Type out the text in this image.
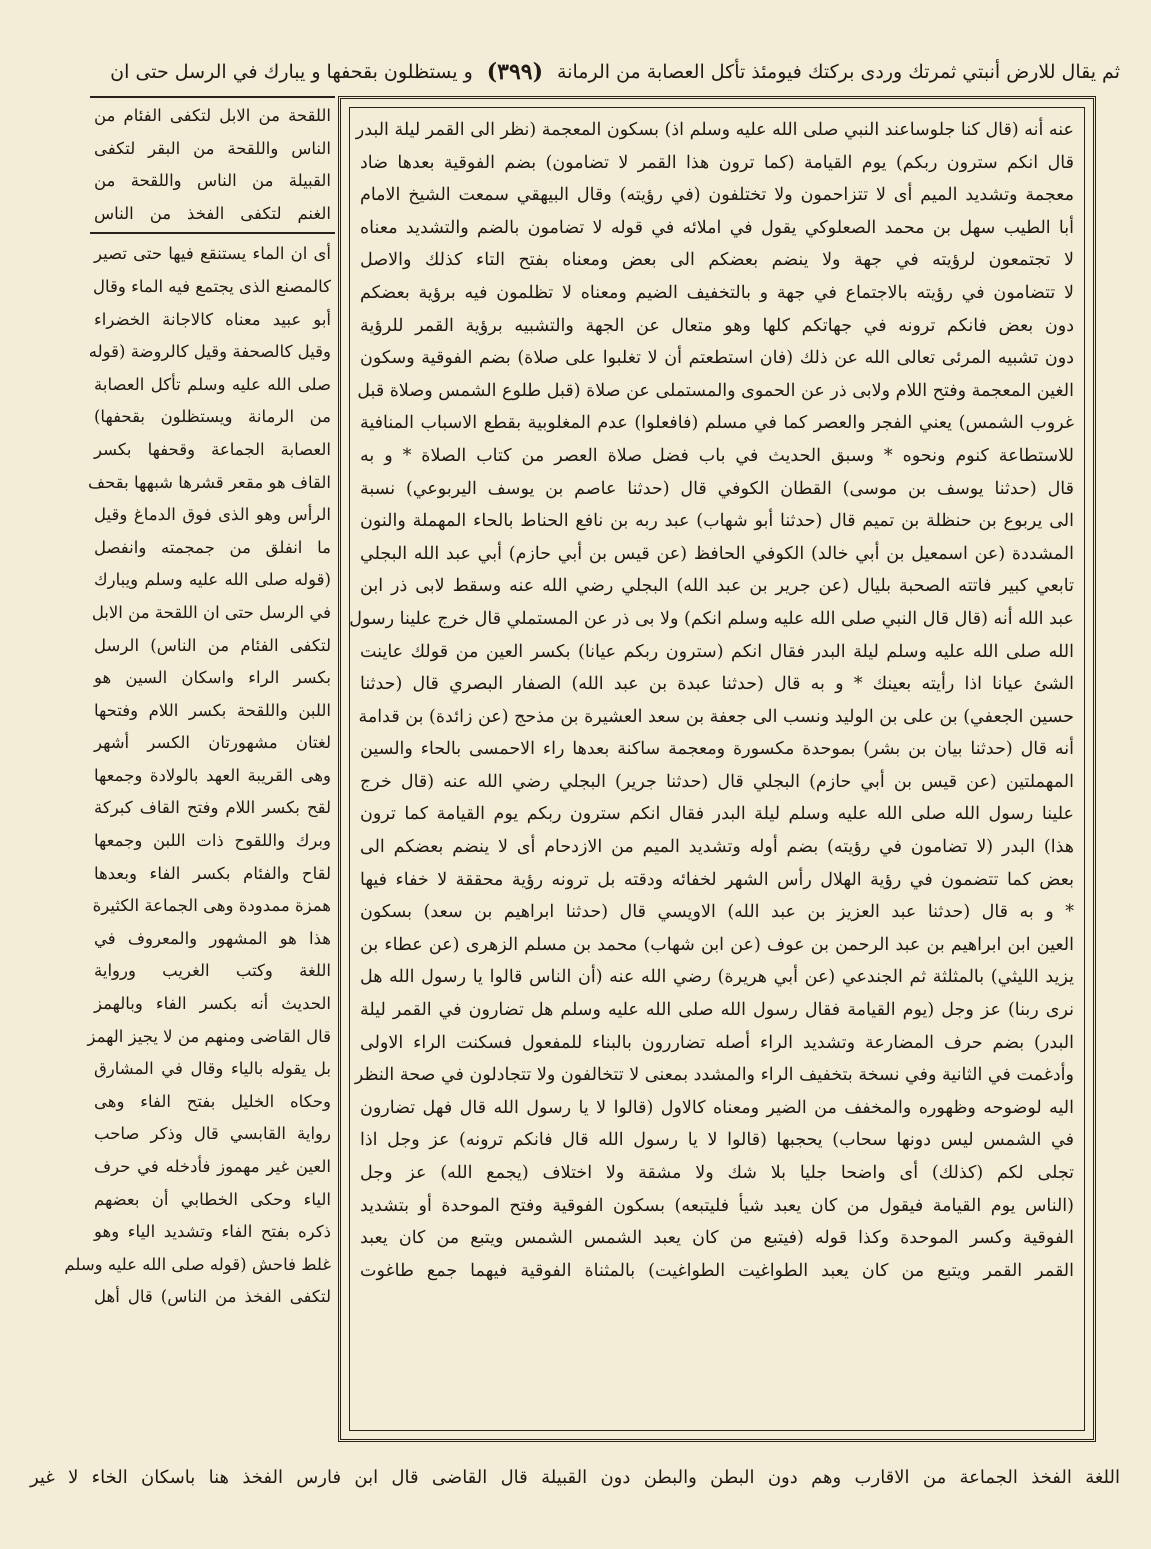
ثم يقال للارض أنبتي ثمرتك وردى بركتك فيومئذ تأكل العصابة من الرمانة
(٣٩٩)
و يستظلون بقحفها و يبارك في الرسل حتى ان
عنه أنه (قال كنا جلوساعند النبي صلى الله عليه وسلم اذ) بسكون المعجمة (نظر الى القمر ليلة البدر
قال انكم سترون ربكم) يوم القيامة (كما ترون هذا القمر لا تضامون) بضم الفوقية بعدها ضاد
معجمة وتشديد الميم أى لا تتزاحمون ولا تختلفون (في رؤيته) وقال البيهقي سمعت الشيخ الامام
أبا الطيب سهل بن محمد الصعلوكي يقول في املائه في قوله لا تضامون بالضم والتشديد معناه
لا تجتمعون لرؤيته في جهة ولا ينضم بعضكم الى بعض ومعناه بفتح التاء كذلك والاصل
لا تتضامون في رؤيته بالاجتماع في جهة و بالتخفيف الضيم ومعناه لا تظلمون فيه برؤية بعضكم
دون بعض فانكم ترونه في جهاتكم كلها وهو متعال عن الجهة والتشبيه برؤية القمر للرؤية
دون تشبيه المرئى تعالى الله عن ذلك (فان استطعتم أن لا تغلبوا على صلاة) بضم الفوقية وسكون
الغين المعجمة وفتح اللام ولابى ذر عن الحموى والمستملى عن صلاة (قبل طلوع الشمس وصلاة قبل
غروب الشمس) يعني الفجر والعصر كما في مسلم (فافعلوا) عدم المغلوبية بقطع الاسباب المنافية
للاستطاعة كنوم ونحوه * وسبق الحديث في باب فضل صلاة العصر من كتاب الصلاة * و به
قال (حدثنا يوسف بن موسى) القطان الكوفي قال (حدثنا عاصم بن يوسف اليربوعي) نسبة
الى يربوع بن حنظلة بن تميم قال (حدثنا أبو شهاب) عبد ربه بن نافع الحناط بالحاء المهملة والنون
المشددة (عن اسمعيل بن أبي خالد) الكوفي الحافظ (عن قيس بن أبي حازم) أبي عبد الله البجلي
تابعي كبير فاتته الصحبة بليال (عن جرير بن عبد الله) البجلي رضي الله عنه وسقط لابى ذر ابن
عبد الله أنه (قال قال النبي صلى الله عليه وسلم انكم) ولا بى ذر عن المستملي قال خرج علينا رسول
الله صلى الله عليه وسلم ليلة البدر فقال انكم (سترون ربكم عيانا) بكسر العين من قولك عاينت
الشئ عيانا اذا رأيته بعينك * و به قال (حدثنا عبدة بن عبد الله) الصفار البصري قال (حدثنا
حسين الجعفي) بن على بن الوليد ونسب الى جعفة بن سعد العشيرة بن مذحج (عن زائدة) بن قدامة
أنه قال (حدثنا بيان بن بشر) بموحدة مكسورة ومعجمة ساكنة بعدها راء الاحمسى بالحاء والسين
المهملتين (عن قيس بن أبي حازم) البجلي قال (حدثنا جرير) البجلي رضي الله عنه (قال خرج
علينا رسول الله صلى الله عليه وسلم ليلة البدر فقال انكم سترون ربكم يوم القيامة كما ترون
هذا) البدر (لا تضامون في رؤيته) بضم أوله وتشديد الميم من الازدحام أى لا ينضم بعضكم الى
بعض كما تتضمون في رؤية الهلال رأس الشهر لخفائه ودقته بل ترونه رؤية محققة لا خفاء فيها
* و به قال (حدثنا عبد العزيز بن عبد الله) الاويسي قال (حدثنا ابراهيم بن سعد) بسكون
العين ابن ابراهيم بن عبد الرحمن بن عوف (عن ابن شهاب) محمد بن مسلم الزهرى (عن عطاء بن
يزيد الليثي) بالمثلثة ثم الجندعي (عن أبي هريرة) رضي الله عنه (أن الناس قالوا يا رسول الله هل
نرى ربنا) عز وجل (يوم القيامة فقال رسول الله صلى الله عليه وسلم هل تضارون في القمر ليلة
البدر) بضم حرف المضارعة وتشديد الراء أصله تضاررون بالبناء للمفعول فسكنت الراء الاولى
وأدغمت في الثانية وفي نسخة بتخفيف الراء والمشدد بمعنى لا تتخالفون ولا تتجادلون في صحة النظر
اليه لوضوحه وظهوره والمخفف من الضير ومعناه كالاول (قالوا لا يا رسول الله قال فهل تضارون
في الشمس ليس دونها سحاب) يحجبها (قالوا لا يا رسول الله قال فانكم ترونه) عز وجل اذا
تجلى لكم (كذلك) أى واضحا جليا بلا شك ولا مشقة ولا اختلاف (يجمع الله) عز وجل
(الناس يوم القيامة فيقول من كان يعبد شيأ فليتبعه) بسكون الفوقية وفتح الموحدة أو بتشديد
الفوقية وكسر الموحدة وكذا قوله (فيتبع من كان يعبد الشمس الشمس ويتبع من كان يعبد
القمر القمر ويتبع من كان يعبد الطواغيت الطواغيت) بالمثناة الفوقية فيهما جمع طاغوت
اللقحة من الابل لتكفى الفئام من
الناس واللقحة من البقر لتكفى
القبيلة من الناس واللقحة من
الغنم لتكفى الفخذ من الناس
أى ان الماء يستنقع فيها حتى تصير
كالمصنع الذى يجتمع فيه الماء وقال
أبو عبيد معناه كالاجانة الخضراء
وقيل كالصحفة وقيل كالروضة (قوله
صلى الله عليه وسلم تأكل العصابة
من الرمانة ويستظلون بقحفها)
العصابة الجماعة وقحفها بكسر
القاف هو مقعر قشرها شبهها بقحف
الرأس وهو الذى فوق الدماغ وقيل
ما انفلق من جمجمته وانفصل
(قوله صلى الله عليه وسلم ويبارك
في الرسل حتى ان اللقحة من الابل
لتكفى الفئام من الناس) الرسل
بكسر الراء واسكان السين هو
اللبن واللقحة بكسر اللام وفتحها
لغتان مشهورتان الكسر أشهر
وهى القريبة العهد بالولادة وجمعها
لقح بكسر اللام وفتح القاف كبركة
وبرك واللقوح ذات اللبن وجمعها
لقاح والفئام بكسر الفاء وبعدها
همزة ممدودة وهى الجماعة الكثيرة
هذا هو المشهور والمعروف في
اللغة وكتب الغريب ورواية
الحديث أنه بكسر الفاء وبالهمز
قال القاضى ومنهم من لا يجيز الهمز
بل يقوله بالياء وقال في المشارق
وحكاه الخليل بفتح الفاء وهى
رواية القابسي قال وذكر صاحب
العين غير مهموز فأدخله في حرف
الياء وحكى الخطابي أن بعضهم
ذكره بفتح الفاء وتشديد الياء وهو
غلط فاحش (قوله صلى الله عليه وسلم
لتكفى الفخذ من الناس) قال أهل
اللغة الفخذ الجماعة من الاقارب وهم دون البطن والبطن دون القبيلة قال القاضى قال ابن فارس الفخذ هنا باسكان الخاء لا غير
